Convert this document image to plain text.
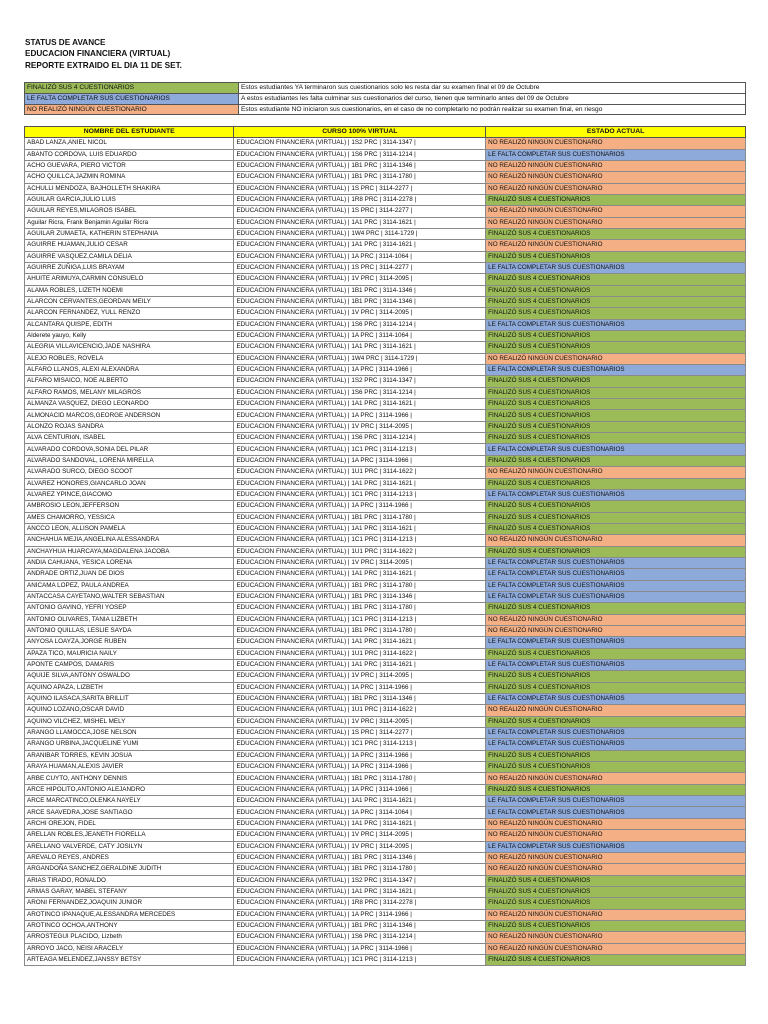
STATUS DE AVANCE
EDUCACION FINANCIERA (VIRTUAL)
REPORTE EXTRAIDO EL DIA 11 DE SET.
FINALIZÓ SUS 4 CUESTIONARIOS	Estos estudiantes YA terminaron sus cuestionarios solo les resta dar su examen final el 09 de Octubre
LE FALTA COMPLETAR SUS CUESTIONARIOS	A estos estudiantes les falta culminar sus cuestionarios del curso, tienen que terminarlo antes del 09 de Octubre
NO REALIZÓ NINGÚN CUESTIONARIO	Estos estudiante NO iniciaron sus cuestionarios, en el caso de no completarlo no podrán realizar su examen final, en riesgo
NOMBRE DEL ESTUDIANTE	CURSO 100% VIRTUAL	ESTADO ACTUAL
ABAD LANZA,ANIEL NICOL	EDUCACION FINANCIERA (VIRTUAL) | 1S2 PRC | 3114-1347 |	NO REALIZÓ NINGÚN CUESTIONARIO
ABANTO CORDOVA, LUIS EDUARDO	EDUCACION FINANCIERA (VIRTUAL) | 1S6 PRC | 3114-1214 |	LE FALTA COMPLETAR SUS CUESTIONARIOS
ACHO GUEVARA, PIERO VICTOR	EDUCACION FINANCIERA (VIRTUAL) | 1B1 PRC | 3114-1346 |	NO REALIZÓ NINGÚN CUESTIONARIO
ACHO QUILLCA,JAZMIN ROMINA	EDUCACION FINANCIERA (VIRTUAL) | 1B1 PRC | 3114-1780 |	NO REALIZÓ NINGÚN CUESTIONARIO
ACHULLI MENDOZA, BAJHOLLETH SHAKIRA	EDUCACION FINANCIERA (VIRTUAL) | 1S PRC | 3114-2277 |	NO REALIZÓ NINGÚN CUESTIONARIO
AGUILAR GARCIA,JULIO LUIS	EDUCACION FINANCIERA (VIRTUAL) | 1R8 PRC | 3114-2278 |	FINALIZÓ SUS 4 CUESTIONARIOS
AGUILAR REYES,MILAGROS ISABEL	EDUCACION FINANCIERA (VIRTUAL) | 1S PRC | 3114-2277 |	NO REALIZÓ NINGÚN CUESTIONARIO
Aguilar Ricra, Frank Benjamin Aguilar Ricra	EDUCACION FINANCIERA (VIRTUAL) | 1A1 PRC | 3114-1621 |	NO REALIZÓ NINGÚN CUESTIONARIO
AGUILAR ZUMAETA, KATHERIN STEPHANIA	EDUCACION FINANCIERA (VIRTUAL) | 1W4 PRC | 3114-1729 |	FINALIZÓ SUS 4 CUESTIONARIOS
AGUIRRE HUAMAN,JULIO CESAR	EDUCACION FINANCIERA (VIRTUAL) | 1A1 PRC | 3114-1621 |	NO REALIZÓ NINGÚN CUESTIONARIO
AGUIRRE VASQUEZ,CAMILA DELIA	EDUCACION FINANCIERA (VIRTUAL) | 1A PRC | 3114-1064 |	FINALIZÓ SUS 4 CUESTIONARIOS
AGUIRRE ZUÑIGA,LUIS BRAYAM	EDUCACION FINANCIERA (VIRTUAL) | 1S PRC | 3114-2277 |	LE FALTA COMPLETAR SUS CUESTIONARIOS
AHUITE ARIMUYA,CARMIN CONSUELO	EDUCACION FINANCIERA (VIRTUAL) | 1V PRC | 3114-2095 |	FINALIZÓ SUS 4 CUESTIONARIOS
ALAMA ROBLES, LIZETH NOEMI	EDUCACION FINANCIERA (VIRTUAL) | 1B1 PRC | 3114-1346 |	FINALIZÓ SUS 4 CUESTIONARIOS
ALARCON CERVANTES,GEORDAN MEILY	EDUCACION FINANCIERA (VIRTUAL) | 1B1 PRC | 3114-1346 |	FINALIZÓ SUS 4 CUESTIONARIOS
ALARCON FERNANDEZ, YULL RENZO	EDUCACION FINANCIERA (VIRTUAL) | 1V PRC | 3114-2095 |	FINALIZÓ SUS 4 CUESTIONARIOS
ALCANTARA QUISPE, EDITH	EDUCACION FINANCIERA (VIRTUAL) | 1S6 PRC | 3114-1214 |	LE FALTA COMPLETAR SUS CUESTIONARIOS
Alderete yauyo, Kelly	EDUCACION FINANCIERA (VIRTUAL) | 1A PRC | 3114-1064 |	FINALIZÓ SUS 4 CUESTIONARIOS
ALEGRIA VILLAVICENCIO,JADE NASHIRA	EDUCACION FINANCIERA (VIRTUAL) | 1A1 PRC | 3114-1621 |	FINALIZÓ SUS 4 CUESTIONARIOS
ALEJO ROBLES, ROVELA	EDUCACION FINANCIERA (VIRTUAL) | 1W4 PRC | 3114-1729 |	NO REALIZÓ NINGÚN CUESTIONARIO
ALFARO LLANOS, ALEXI ALEXANDRA	EDUCACION FINANCIERA (VIRTUAL) | 1A PRC | 3114-1966 |	LE FALTA COMPLETAR SUS CUESTIONARIOS
ALFARO MISAICO, NOE ALBERTO	EDUCACION FINANCIERA (VIRTUAL) | 1S2 PRC | 3114-1347 |	FINALIZÓ SUS 4 CUESTIONARIOS
ALFARO RAMOS, MELANY MILAGROS	EDUCACION FINANCIERA (VIRTUAL) | 1S6 PRC | 3114-1214 |	FINALIZÓ SUS 4 CUESTIONARIOS
ALMANZA VASQUEZ, DIEGO LEONARDO	EDUCACION FINANCIERA (VIRTUAL) | 1A1 PRC | 3114-1621 |	FINALIZÓ SUS 4 CUESTIONARIOS
ALMONACID MARCOS,GEORGE ANDERSON	EDUCACION FINANCIERA (VIRTUAL) | 1A PRC | 3114-1966 |	FINALIZÓ SUS 4 CUESTIONARIOS
ALONZO ROJAS SANDRA	EDUCACION FINANCIERA (VIRTUAL) | 1V PRC | 3114-2095 |	FINALIZÓ SUS 4 CUESTIONARIOS
ALVA CENTURIóN, ISABEL	EDUCACION FINANCIERA (VIRTUAL) | 1S6 PRC | 3114-1214 |	FINALIZÓ SUS 4 CUESTIONARIOS
ALVARADO CORDOVA,SONIA DEL PILAR	EDUCACION FINANCIERA (VIRTUAL) | 1C1 PRC | 3114-1213 |	LE FALTA COMPLETAR SUS CUESTIONARIOS
ALVARADO SANDOVAL, LORENA MIRELLA	EDUCACION FINANCIERA (VIRTUAL) | 1A PRC | 3114-1966 |	FINALIZÓ SUS 4 CUESTIONARIOS
ALVARADO SURCO, DIEGO SCOOT	EDUCACION FINANCIERA (VIRTUAL) | 1U1 PRC | 3114-1622 |	NO REALIZÓ NINGÚN CUESTIONARIO
ALVAREZ HONORES,GIANCARLO JOAN	EDUCACION FINANCIERA (VIRTUAL) | 1A1 PRC | 3114-1621 |	FINALIZÓ SUS 4 CUESTIONARIOS
ALVAREZ YPINCE,GIACOMO	EDUCACION FINANCIERA (VIRTUAL) | 1C1 PRC | 3114-1213 |	LE FALTA COMPLETAR SUS CUESTIONARIOS
AMBROSIO LEON,JEFFERSON	EDUCACION FINANCIERA (VIRTUAL) | 1A PRC | 3114-1966 |	FINALIZÓ SUS 4 CUESTIONARIOS
AMES CHAMORRO, YESSICA	EDUCACION FINANCIERA (VIRTUAL) | 1B1 PRC | 3114-1780 |	FINALIZÓ SUS 4 CUESTIONARIOS
ANCCO LEON, ALLISON PAMELA	EDUCACION FINANCIERA (VIRTUAL) | 1A1 PRC | 3114-1621 |	FINALIZÓ SUS 4 CUESTIONARIOS
ANCHAHUA MEJIA,ANGELINA ALESSANDRA	EDUCACION FINANCIERA (VIRTUAL) | 1C1 PRC | 3114-1213 |	NO REALIZÓ NINGÚN CUESTIONARIO
ANCHAYHUA HUARCAYA,MAGDALENA JACOBA	EDUCACION FINANCIERA (VIRTUAL) | 1U1 PRC | 3114-1622 |	FINALIZÓ SUS 4 CUESTIONARIOS
ANDIA CAHUANA, YESICA LORENA	EDUCACION FINANCIERA (VIRTUAL) | 1V PRC | 3114-2095 |	LE FALTA COMPLETAR SUS CUESTIONARIOS
ANDRADE ORTIZ,JUAN DE DIOS	EDUCACION FINANCIERA (VIRTUAL) | 1A1 PRC | 3114-1621 |	LE FALTA COMPLETAR SUS CUESTIONARIOS
ANICAMA LOPEZ, PAULA ANDREA	EDUCACION FINANCIERA (VIRTUAL) | 1B1 PRC | 3114-1780 |	LE FALTA COMPLETAR SUS CUESTIONARIOS
ANTACCASA CAYETANO,WALTER SEBASTIAN	EDUCACION FINANCIERA (VIRTUAL) | 1B1 PRC | 3114-1346 |	LE FALTA COMPLETAR SUS CUESTIONARIOS
ANTONIO GAVINO, YEFRI YOSEP	EDUCACION FINANCIERA (VIRTUAL) | 1B1 PRC | 3114-1780 |	FINALIZÓ SUS 4 CUESTIONARIOS
ANTONIO OLIVARES, TANIA LIZBETH	EDUCACION FINANCIERA (VIRTUAL) | 1C1 PRC | 3114-1213 |	NO REALIZÓ NINGÚN CUESTIONARIO
ANTONIO QUILLAS, LESLIE SAYDA	EDUCACION FINANCIERA (VIRTUAL) | 1B1 PRC | 3114-1780 |	NO REALIZÓ NINGÚN CUESTIONARIO
ANYOSA LOAYZA,JORGE RUBEN	EDUCACION FINANCIERA (VIRTUAL) | 1A1 PRC | 3114-1621 |	LE FALTA COMPLETAR SUS CUESTIONARIOS
APAZA TICO, MAURICIA NAILY	EDUCACION FINANCIERA (VIRTUAL) | 1U1 PRC | 3114-1622 |	FINALIZÓ SUS 4 CUESTIONARIOS
APONTE CAMPOS, DAMARIS	EDUCACION FINANCIERA (VIRTUAL) | 1A1 PRC | 3114-1621 |	LE FALTA COMPLETAR SUS CUESTIONARIOS
AQUIJE SILVA,ANTONY OSWALDO	EDUCACION FINANCIERA (VIRTUAL) | 1V PRC | 3114-2095 |	FINALIZÓ SUS 4 CUESTIONARIOS
AQUINO APAZA, LIZBETH	EDUCACION FINANCIERA (VIRTUAL) | 1A PRC | 3114-1966 |	FINALIZÓ SUS 4 CUESTIONARIOS
AQUINO ILASACA,SARITA BRILLIT	EDUCACION FINANCIERA (VIRTUAL) | 1B1 PRC | 3114-1346 |	LE FALTA COMPLETAR SUS CUESTIONARIOS
AQUINO LOZANO,OSCAR DAVID	EDUCACION FINANCIERA (VIRTUAL) | 1U1 PRC | 3114-1622 |	NO REALIZÓ NINGÚN CUESTIONARIO
AQUINO VILCHEZ, MISHEL MELY	EDUCACION FINANCIERA (VIRTUAL) | 1V PRC | 3114-2095 |	FINALIZÓ SUS 4 CUESTIONARIOS
ARANGO LLAMOCCA,JOSE NELSON	EDUCACION FINANCIERA (VIRTUAL) | 1S PRC | 3114-2277 |	LE FALTA COMPLETAR SUS CUESTIONARIOS
ARANGO URBINA,JACQUELINE YUMI	EDUCACION FINANCIERA (VIRTUAL) | 1C1 PRC | 3114-1213 |	LE FALTA COMPLETAR SUS CUESTIONARIOS
ARANIBAR TORRES, KEVIN JOSUA	EDUCACION FINANCIERA (VIRTUAL) | 1A PRC | 3114-1966 |	FINALIZÓ SUS 4 CUESTIONARIOS
ARAYA HUAMAN,ALEXIS JAVIER	EDUCACION FINANCIERA (VIRTUAL) | 1A PRC | 3114-1966 |	FINALIZÓ SUS 4 CUESTIONARIOS
ARBE CUYTO, ANTHONY DENNIS	EDUCACION FINANCIERA (VIRTUAL) | 1B1 PRC | 3114-1780 |	NO REALIZÓ NINGÚN CUESTIONARIO
ARCE HIPOLITO,ANTONIO ALEJANDRO	EDUCACION FINANCIERA (VIRTUAL) | 1A PRC | 3114-1966 |	FINALIZÓ SUS 4 CUESTIONARIOS
ARCE MARCATINCO,OLENKA NAYELY	EDUCACION FINANCIERA (VIRTUAL) | 1A1 PRC | 3114-1621 |	LE FALTA COMPLETAR SUS CUESTIONARIOS
ARCE SAAVEDRA,JOSE SANTIAGO	EDUCACION FINANCIERA (VIRTUAL) | 1A PRC | 3114-1064 |	LE FALTA COMPLETAR SUS CUESTIONARIOS
ARCHI OREJON, FIDEL	EDUCACION FINANCIERA (VIRTUAL) | 1A1 PRC | 3114-1621 |	NO REALIZÓ NINGÚN CUESTIONARIO
ARELLAN ROBLES,JEANETH FIORELLA	EDUCACION FINANCIERA (VIRTUAL) | 1V PRC | 3114-2095 |	NO REALIZÓ NINGÚN CUESTIONARIO
ARELLANO VALVERDE, CATY JOSILYN	EDUCACION FINANCIERA (VIRTUAL) | 1V PRC | 3114-2095 |	LE FALTA COMPLETAR SUS CUESTIONARIOS
AREVALO REYES, ANDRES	EDUCACION FINANCIERA (VIRTUAL) | 1B1 PRC | 3114-1346 |	NO REALIZÓ NINGÚN CUESTIONARIO
ARGANDOÑA SANCHEZ,GERALDINE JUDITH	EDUCACION FINANCIERA (VIRTUAL) | 1B1 PRC | 3114-1780 |	NO REALIZÓ NINGÚN CUESTIONARIO
ARIAS TIRADO, RONALDO	EDUCACION FINANCIERA (VIRTUAL) | 1S2 PRC | 3114-1347 |	FINALIZÓ SUS 4 CUESTIONARIOS
ARMAS GARAY, MABEL STEFANY	EDUCACION FINANCIERA (VIRTUAL) | 1A1 PRC | 3114-1621 |	FINALIZÓ SUS 4 CUESTIONARIOS
ARONI FERNANDEZ,JOAQUIN JUNIOR	EDUCACION FINANCIERA (VIRTUAL) | 1R8 PRC | 3114-2278 |	FINALIZÓ SUS 4 CUESTIONARIOS
AROTINCO IPANAQUE,ALESSANDRA MERCEDES	EDUCACION FINANCIERA (VIRTUAL) | 1A PRC | 3114-1966 |	NO REALIZÓ NINGÚN CUESTIONARIO
AROTINCO OCHOA,ANTHONY	EDUCACION FINANCIERA (VIRTUAL) | 1B1 PRC | 3114-1346 |	FINALIZÓ SUS 4 CUESTIONARIOS
ARROSTEGUI PLACIDO, Lizbeth	EDUCACION FINANCIERA (VIRTUAL) | 1S6 PRC | 3114-1214 |	NO REALIZÓ NINGÚN CUESTIONARIO
ARROYO JACO, NEISI ARACELY	EDUCACION FINANCIERA (VIRTUAL) | 1A PRC | 3114-1966 |	NO REALIZÓ NINGÚN CUESTIONARIO
ARTEAGA MELENDEZ,JANSSY BETSY	EDUCACION FINANCIERA (VIRTUAL) | 1C1 PRC | 3114-1213 |	FINALIZÓ SUS 4 CUESTIONARIOS
